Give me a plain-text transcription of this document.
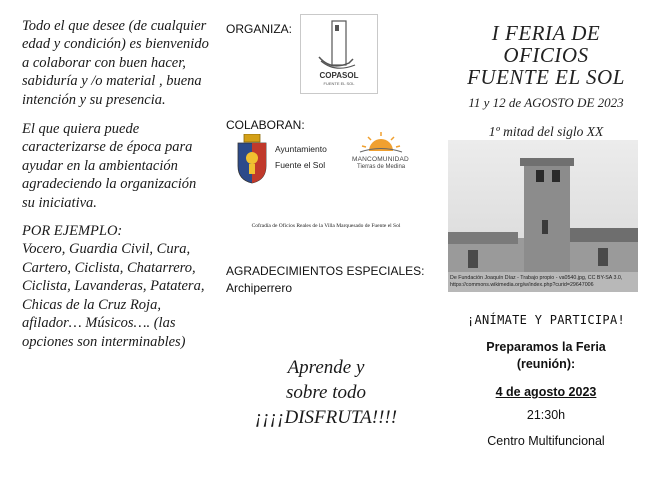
Todo el que desee (de cualquier edad y condición) es bienvenido a colaborar con buen hacer, sabiduría y /o material , buena intención y su presencia.

El que quiera puede caracterizarse de época para ayudar en la ambientación agradeciendo la organización su iniciativa.

POR EJEMPLO:

Vocero, Guardia Civil, Cura, Cartero, Ciclista, Chatarrero, Ciclista, Lavanderas, Patatera, Chicas de la Cruz Roja, afilador… Músicos…. (las opciones son interminables)

ORGANIZA:
COPASOL
FUENTE EL SOL
COLABORAN:
Ayuntamiento
Fuente el Sol
MANCOMUNIDAD
Tierras de Medina
Cofradía de Oficios Reales de la Villa Marquesado de Fuente el Sol
AGRADECIMIENTOS ESPECIALES:
Archiperrero
Aprende y
sobre todo
¡¡¡¡DISFRUTA!!!!
I FERIA DE
OFICIOS
FUENTE EL SOL
11 y 12 de AGOSTO DE 2023
1º mitad del siglo XX
De Fundación Joaquín Díaz - Trabajo propio - va0540.jpg, CC BY-SA 3.0, https://commons.wikimedia.org/w/index.php?curid=29647006
¡ANÍMATE Y PARTICIPA!
Preparamos la Feria
(reunión):
4 de agosto 2023
21:30h
Centro Multifuncional
